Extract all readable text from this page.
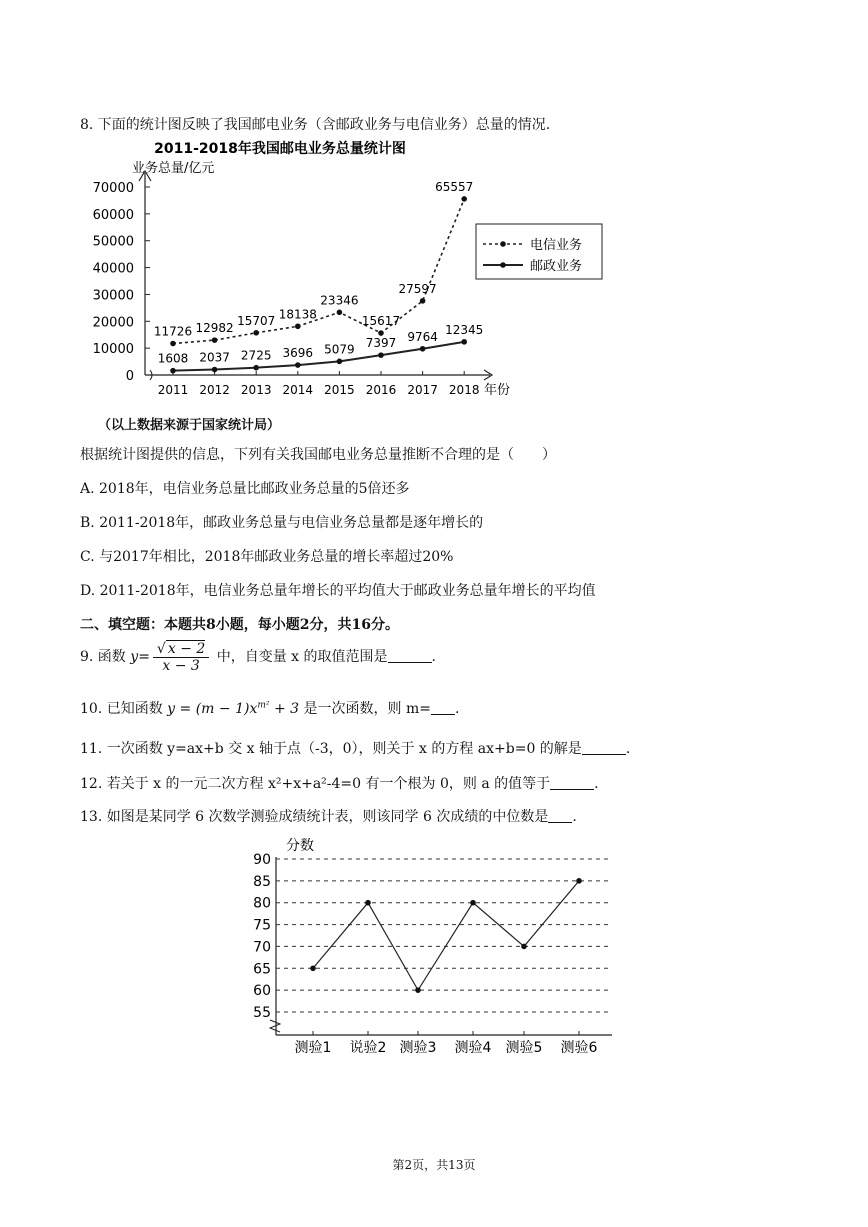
8. 下面的统计图反映了我国邮电业务（含邮政业务与电信业务）总量的情况.
2011-2018年我国邮电业务总量统计图
业务总量/亿元
年份
0
10000
20000
30000
40000
50000
60000
70000
2011 2012 2013 2014 2015 2016 2017 2018
11726 12982
15707 18138
23346
15617
27597
65557
1608 2037 2725 3696 5079 7397 9764 12345
电信业务
邮政业务
（以上数据来源于国家统计局）
根据统计图提供的信息，下列有关我国邮电业务总量推断不合理的是（　　）
A. 2018年，电信业务总量比邮政业务总量的5倍还多
B. 2011-2018年，邮政业务总量与电信业务总量都是逐年增长的
C. 与2017年相比，2018年邮政业务总量的增长率超过20%
D. 2011-2018年，电信业务总量年增长的平均值大于邮政业务总量年增长的平均值
二、填空题：本题共8小题，每小题2分，共16分。
9. 函数 $y= \frac{√ x - 2}{x - 3}$ 中，自变量 x 的取值范围是	.
10. 已知函数 $y = (m - 1)x^{m^2} + 3$ 是一次函数，则 m= .
11. 一次函数 y=ax+b 交 x 轴于点（-3，0），则关于 x 的方程 ax+b=0 的解是	.
12. 若关于 x 的一元二次方程 x²+x+a²-4=0 有一个根为 0，则 a 的值等于	.
13. 如图是某同学 6 次数学测验成绩统计表，则该同学 6 次成绩的中位数是 .
分数
55
60
65
70
75
80
85
90
测验1 说验2 测验3 测验4 测验5 测验6
第2页，共13页
